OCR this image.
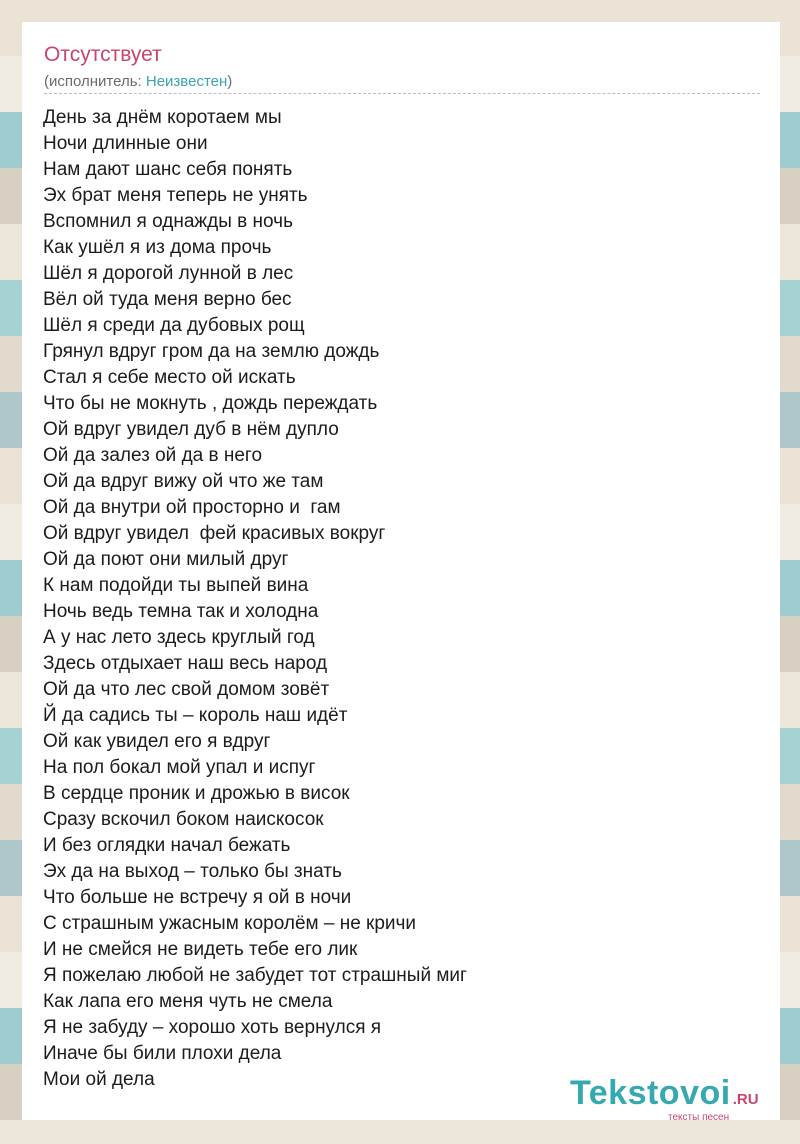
Отсутствует
(исполнитель: Неизвестен)
День за днём коротаем мы
Ночи длинные они
Нам дают шанс себя понять
Эх брат меня теперь не унять
Вспомнил я однажды в ночь
Как ушёл я из дома прочь
Шёл я дорогой лунной в лес
Вёл ой туда меня верно бес
Шёл я среди да дубовых рощ
Грянул вдруг гром да на землю дождь
Стал я себе место ой искать
Что бы не мокнуть , дождь переждать
Ой вдруг увидел дуб в нём дупло
Ой да залез ой да в него
Ой да вдруг вижу ой что же там
Ой да внутри ой просторно и  гам
Ой вдруг увидел  фей красивых вокруг
Ой да поют они милый друг
К нам подойди ты выпей вина
Ночь ведь темна так и холодна
А у нас лето здесь круглый год
Здесь отдыхает наш весь народ
Ой да что лес свой домом зовёт
Й да садись ты – король наш идёт
Ой как увидел его я вдруг
На пол бокал мой упал и испуг
В сердце проник и дрожью в висок
Сразу вскочил боком наискосок
И без оглядки начал бежать
Эх да на выход – только бы знать
Что больше не встречу я ой в ночи
С страшным ужасным королём – не кричи
И не смейся не видеть тебе его лик
Я пожелаю любой не забудет тот страшный миг
Как лапа его меня чуть не смела
Я не забуду – хорошо хоть вернулся я
Иначе бы били плохи дела
Мои ой дела	Tekstovoi .RU
тексты песен
